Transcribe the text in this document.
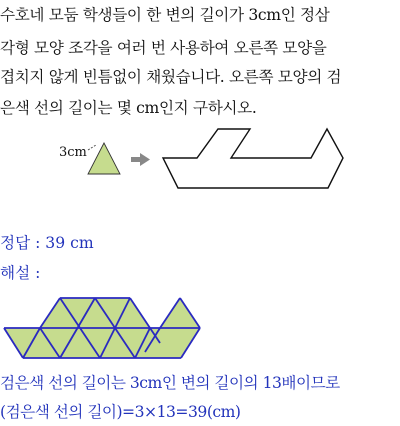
수호네 모둠 학생들이 한 변의 길이가 3cm인 정삼
각형 모양 조각을 여러 번 사용하여 오른쪽 모양을
겹치지 않게 빈틈없이 채웠습니다. 오른쪽 모양의 검
은색 선의 길이는 몇 cm인지 구하시오.
3cm
정답 : 39 cm
해설 :
검은색 선의 길이는 3cm인 변의 길이의 13배이므로
(검은색 선의 길이)=3×13=39(cm)
